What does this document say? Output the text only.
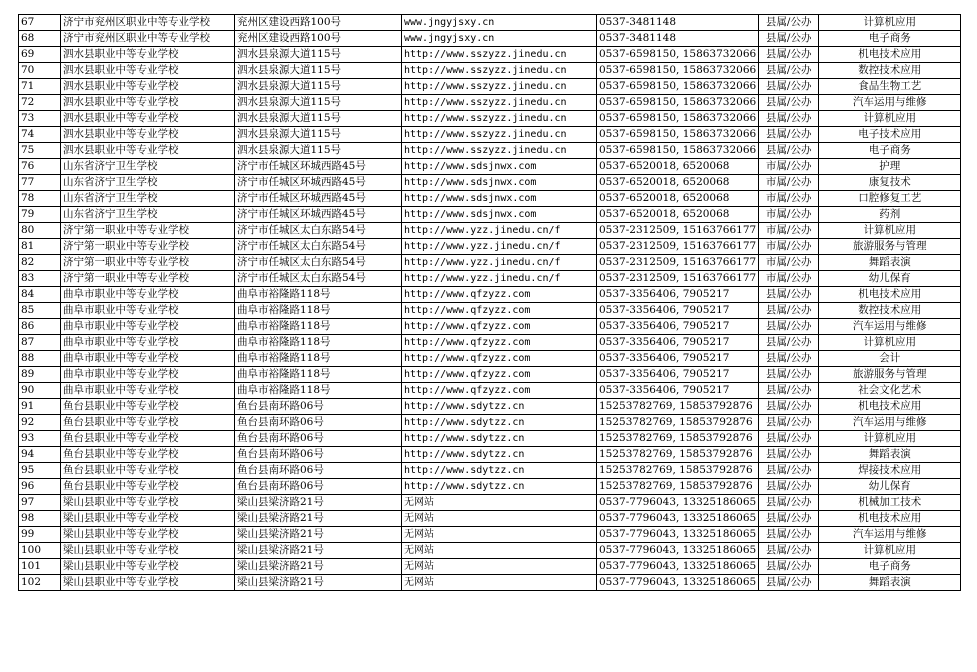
67	济宁市兖州区职业中等专业学校	兖州区建设西路100号	www.jngyjsxy.cn	0537-3481148	县属/公办	计算机应用
68	济宁市兖州区职业中等专业学校	兖州区建设西路100号	www.jngyjsxy.cn	0537-3481148	县属/公办	电子商务
69	泗水县职业中等专业学校	泗水县泉源大道115号	http://www.sszyzz.jinedu.cn	0537-6598150, 15863732066	县属/公办	机电技术应用
70	泗水县职业中等专业学校	泗水县泉源大道115号	http://www.sszyzz.jinedu.cn	0537-6598150, 15863732066	县属/公办	数控技术应用
71	泗水县职业中等专业学校	泗水县泉源大道115号	http://www.sszyzz.jinedu.cn	0537-6598150, 15863732066	县属/公办	食品生物工艺
72	泗水县职业中等专业学校	泗水县泉源大道115号	http://www.sszyzz.jinedu.cn	0537-6598150, 15863732066	县属/公办	汽车运用与维修
73	泗水县职业中等专业学校	泗水县泉源大道115号	http://www.sszyzz.jinedu.cn	0537-6598150, 15863732066	县属/公办	计算机应用
74	泗水县职业中等专业学校	泗水县泉源大道115号	http://www.sszyzz.jinedu.cn	0537-6598150, 15863732066	县属/公办	电子技术应用
75	泗水县职业中等专业学校	泗水县泉源大道115号	http://www.sszyzz.jinedu.cn	0537-6598150, 15863732066	县属/公办	电子商务
76	山东省济宁卫生学校	济宁市任城区环城西路45号	http://www.sdsjnwx.com	0537-6520018, 6520068	市属/公办	护理
77	山东省济宁卫生学校	济宁市任城区环城西路45号	http://www.sdsjnwx.com	0537-6520018, 6520068	市属/公办	康复技术
78	山东省济宁卫生学校	济宁市任城区环城西路45号	http://www.sdsjnwx.com	0537-6520018, 6520068	市属/公办	口腔修复工艺
79	山东省济宁卫生学校	济宁市任城区环城西路45号	http://www.sdsjnwx.com	0537-6520018, 6520068	市属/公办	药剂
80	济宁第一职业中等专业学校	济宁市任城区太白东路54号	http://www.yzz.jinedu.cn/f	0537-2312509, 15163766177	市属/公办	计算机应用
81	济宁第一职业中等专业学校	济宁市任城区太白东路54号	http://www.yzz.jinedu.cn/f	0537-2312509, 15163766177	市属/公办	旅游服务与管理
82	济宁第一职业中等专业学校	济宁市任城区太白东路54号	http://www.yzz.jinedu.cn/f	0537-2312509, 15163766177	市属/公办	舞蹈表演
83	济宁第一职业中等专业学校	济宁市任城区太白东路54号	http://www.yzz.jinedu.cn/f	0537-2312509, 15163766177	市属/公办	幼儿保育
84	曲阜市职业中等专业学校	曲阜市裕隆路118号	http://www.qfzyzz.com	0537-3356406, 7905217	县属/公办	机电技术应用
85	曲阜市职业中等专业学校	曲阜市裕隆路118号	http://www.qfzyzz.com	0537-3356406, 7905217	县属/公办	数控技术应用
86	曲阜市职业中等专业学校	曲阜市裕隆路118号	http://www.qfzyzz.com	0537-3356406, 7905217	县属/公办	汽车运用与维修
87	曲阜市职业中等专业学校	曲阜市裕隆路118号	http://www.qfzyzz.com	0537-3356406, 7905217	县属/公办	计算机应用
88	曲阜市职业中等专业学校	曲阜市裕隆路118号	http://www.qfzyzz.com	0537-3356406, 7905217	县属/公办	会计
89	曲阜市职业中等专业学校	曲阜市裕隆路118号	http://www.qfzyzz.com	0537-3356406, 7905217	县属/公办	旅游服务与管理
90	曲阜市职业中等专业学校	曲阜市裕隆路118号	http://www.qfzyzz.com	0537-3356406, 7905217	县属/公办	社会文化艺术
91	鱼台县职业中等专业学校	鱼台县南环路06号	http://www.sdytzz.cn	15253782769, 15853792876	县属/公办	机电技术应用
92	鱼台县职业中等专业学校	鱼台县南环路06号	http://www.sdytzz.cn	15253782769, 15853792876	县属/公办	汽车运用与维修
93	鱼台县职业中等专业学校	鱼台县南环路06号	http://www.sdytzz.cn	15253782769, 15853792876	县属/公办	计算机应用
94	鱼台县职业中等专业学校	鱼台县南环路06号	http://www.sdytzz.cn	15253782769, 15853792876	县属/公办	舞蹈表演
95	鱼台县职业中等专业学校	鱼台县南环路06号	http://www.sdytzz.cn	15253782769, 15853792876	县属/公办	焊接技术应用
96	鱼台县职业中等专业学校	鱼台县南环路06号	http://www.sdytzz.cn	15253782769, 15853792876	县属/公办	幼儿保育
97	梁山县职业中等专业学校	梁山县梁济路21号	无网站	0537-7796043, 13325186065	县属/公办	机械加工技术
98	梁山县职业中等专业学校	梁山县梁济路21号	无网站	0537-7796043, 13325186065	县属/公办	机电技术应用
99	梁山县职业中等专业学校	梁山县梁济路21号	无网站	0537-7796043, 13325186065	县属/公办	汽车运用与维修
100	梁山县职业中等专业学校	梁山县梁济路21号	无网站	0537-7796043, 13325186065	县属/公办	计算机应用
101	梁山县职业中等专业学校	梁山县梁济路21号	无网站	0537-7796043, 13325186065	县属/公办	电子商务
102	梁山县职业中等专业学校	梁山县梁济路21号	无网站	0537-7796043, 13325186065	县属/公办	舞蹈表演
